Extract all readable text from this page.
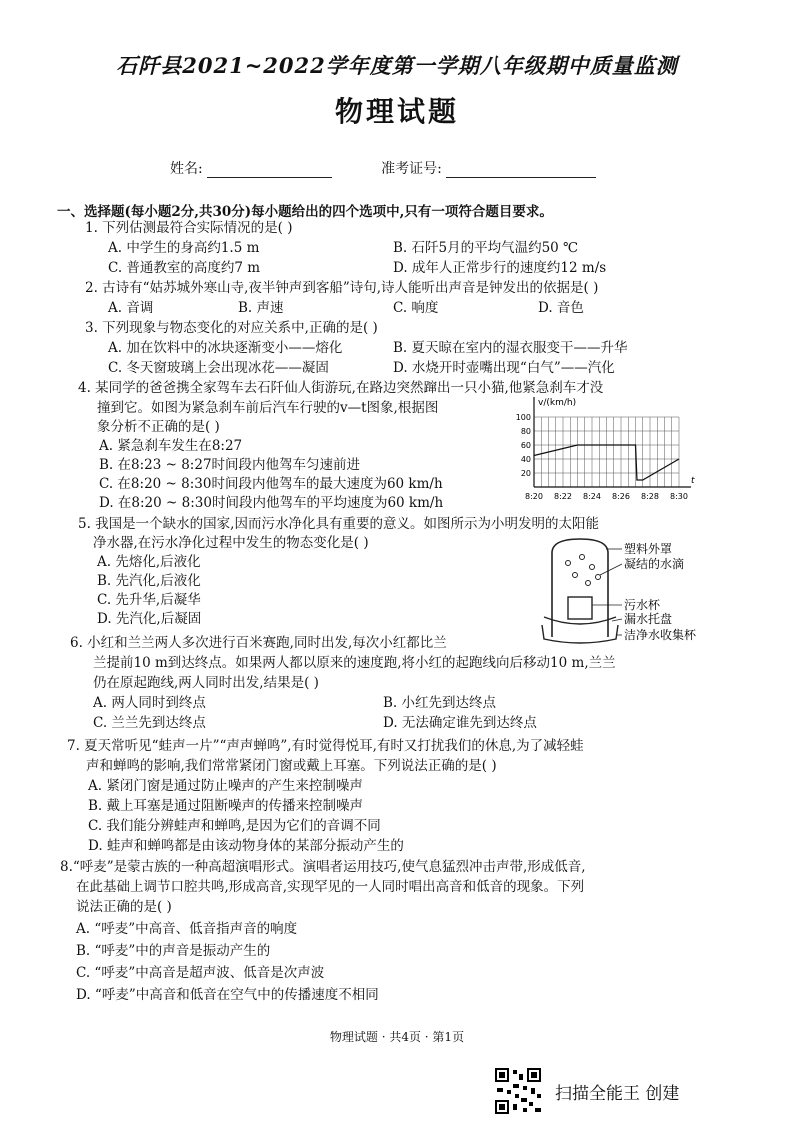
石阡县2021~2022学年度第一学期八年级期中质量监测
物理试题
姓名:	准考证号:
一、选择题(每小题2分,共30分)每小题给出的四个选项中,只有一项符合题目要求。
1. 下列估测最符合实际情况的是( )
A. 中学生的身高约1.5 m	B. 石阡5月的平均气温约50 ℃
C. 普通教室的高度约7 m	D. 成年人正常步行的速度约12 m/s
2. 古诗有“姑苏城外寒山寺,夜半钟声到客船”诗句,诗人能听出声音是钟发出的依据是( )
A. 音调	B. 声速	C. 响度	D. 音色
3. 下列现象与物态变化的对应关系中,正确的是( )
A. 加在饮料中的冰块逐渐变小——熔化	B. 夏天晾在室内的湿衣服变干——升华
C. 冬天窗玻璃上会出现冰花——凝固	D. 水烧开时壶嘴出现“白气”——汽化
4. 某同学的爸爸携全家驾车去石阡仙人街游玩,在路边突然蹿出一只小猫,他紧急刹车才没
撞到它。如图为紧急刹车前后汽车行驶的v—t图象,根据图
象分析不正确的是( )
A. 紧急刹车发生在8:27
B. 在8:23 ~ 8:27时间段内他驾车匀速前进
C. 在8:20 ~ 8:30时间段内他驾车的最大速度为60 km/h
D. 在8:20 ~ 8:30时间段内他驾车的平均速度为60 km/h
v/(km/h)
t
20
40
60
80
100
8:20 8:22 8:24 8:26 8:28 8:30
5. 我国是一个缺水的国家,因而污水净化具有重要的意义。如图所示为小明发明的太阳能
净水器,在污水净化过程中发生的物态变化是( )
A. 先熔化,后液化
B. 先汽化,后液化
C. 先升华,后凝华
D. 先汽化,后凝固
塑料外罩
凝结的水滴
污水杯
漏水托盘
洁净水收集杯
6. 小红和兰兰两人多次进行百米赛跑,同时出发,每次小红都比兰
兰提前10 m到达终点。如果两人都以原来的速度跑,将小红的起跑线向后移动10 m,兰兰
仍在原起跑线,两人同时出发,结果是( )
A. 两人同时到终点	B. 小红先到达终点
C. 兰兰先到达终点	D. 无法确定谁先到达终点
7. 夏天常听见“蛙声一片”“声声蝉鸣”,有时觉得悦耳,有时又打扰我们的休息,为了减轻蛙
声和蝉鸣的影响,我们常常紧闭门窗或戴上耳塞。下列说法正确的是( )
A. 紧闭门窗是通过防止噪声的产生来控制噪声
B. 戴上耳塞是通过阻断噪声的传播来控制噪声
C. 我们能分辨蛙声和蝉鸣,是因为它们的音调不同
D. 蛙声和蝉鸣都是由该动物身体的某部分振动产生的
8.“呼麦”是蒙古族的一种高超演唱形式。演唱者运用技巧,使气息猛烈冲击声带,形成低音,
在此基础上调节口腔共鸣,形成高音,实现罕见的一人同时唱出高音和低音的现象。下列
说法正确的是( )
A. “呼麦”中高音、低音指声音的响度
B. “呼麦”中的声音是振动产生的
C. “呼麦”中高音是超声波、低音是次声波
D. “呼麦”中高音和低音在空气中的传播速度不相同
物理试题 · 共4页 · 第1页
扫描全能王 创建
